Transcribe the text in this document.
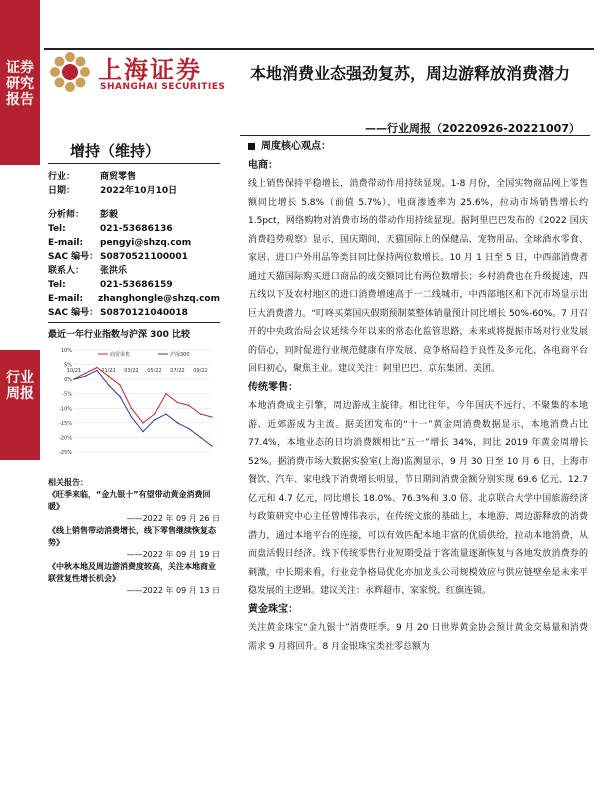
证券研究报告
行业周报
上海证券
SHANGHAI SECURITIES
本地消费业态强劲复苏，周边游释放消费潜力
——行业周报（20220926-20221007）
增持（维持）
行业：	商贸零售
日期：	2022年10月10日
分析师：	彭毅
Tel:	021-53686136
E-mail:	pengyi@shzq.com
SAC 编号： S0870521100001
联系人：	张洪乐
Tel:	021-53686159
E-mail:	zhanghongle@shzq.com
SAC 编号： S0870121040018
最近一年行业指数与沪深 300 比较
10%
5%
0%
-5%
-10%
-15%
-20%
-25%
10/21	01/22 03/22 05/22 07/22 09/22
商贸零售	沪深300
相关报告：
《旺季来临，“金九银十”有望带动黄金消费回暖》
——2022 年 09 月 26 日
《线上销售带动消费增长，线下零售继续恢复态势》
——2022 年 09 月 19 日
《中秋本地及周边游消费度较高，关注本地商业联营复性增长机会》
——2022 年 09 月 13 日
周度核心观点：
电商：

线上销售保持平稳增长，消费带动作用持续显现。1-8 月份，全国实物商品网上零售额同比增长 5.8%（前值 5.7%），电商渗透率为 25.6%，拉动市场销售增长约 1.5pct，网络购物对消费市场的带动作用持续显现。据阿里巴巴发布的《2022 国庆消费趋势观察》显示，国庆期间，天猫国际上的保健品、宠物用品、全球酒水零食、家居、进口户外用品等类目同比保持两位数增长。10 月 1 日至 5 日，中西部消费者通过天猫国际购买进口商品的成交额同比有两位数增长；乡村消费也在升级提速，四五线以下及农村地区的进口消费增速高于一二线城市，中西部地区和下沉市场显示出巨大消费潜力。“叮咚买菜国庆假期预制菜整体销量预计同比增长 50%-60%。7 月召开的中央政治局会议延续今年以来的常态化监管思路，未来或将提振市场对行业发展的信心，同时促进行业规范健康有序发展、竞争格局趋于良性及多元化、各电商平台回归初心，聚焦主业。建议关注：阿里巴巴、京东集团、美团。

传统零售：

本地消费成主引擎，周边游成主旋律。相比往年，今年国庆不远行、不聚集的本地游、近郊游成为主流。据美团发布的“十一”黄金周消费数据显示，本地消费占比 77.4%，本地业态的日均消费额相比“五一”增长 34%，同比 2019 年黄金周增长 52%。据消费市场大数据实验室(上海)监测显示，9 月 30 日至 10 月 6 日，上海市餐饮、汽车、家电线下消费增长明显，节日期间消费金额分别实现 69.6 亿元、12.7 亿元和 4.7 亿元，同比增长 18.0%、76.3%和 3.0 倍。北京联合大学中国旅游经济与政策研究中心主任曾博伟表示，在传统文旅的基础上，本地游、周边游释放的消费潜力，通过本地平台的连接，可以有效匹配本地丰富的优质供给，拉动本地消费，从而盘活假日经济。线下传统零售行业短期受益于客流量逐渐恢复与各地发放消费券的刺激，中长期来看，行业竞争格局优化亦加龙头公司规模效应与供应链壁垒是未来平稳发展的主逻辑。建议关注：永辉超市、家家悦、红旗连锁。

黄金珠宝：

关注黄金珠宝“金九银十”消费旺季。9 月 20 日世界黄金协会预计黄金交易量和消费需求 9 月将回升。8 月金银珠宝类社零总额为
